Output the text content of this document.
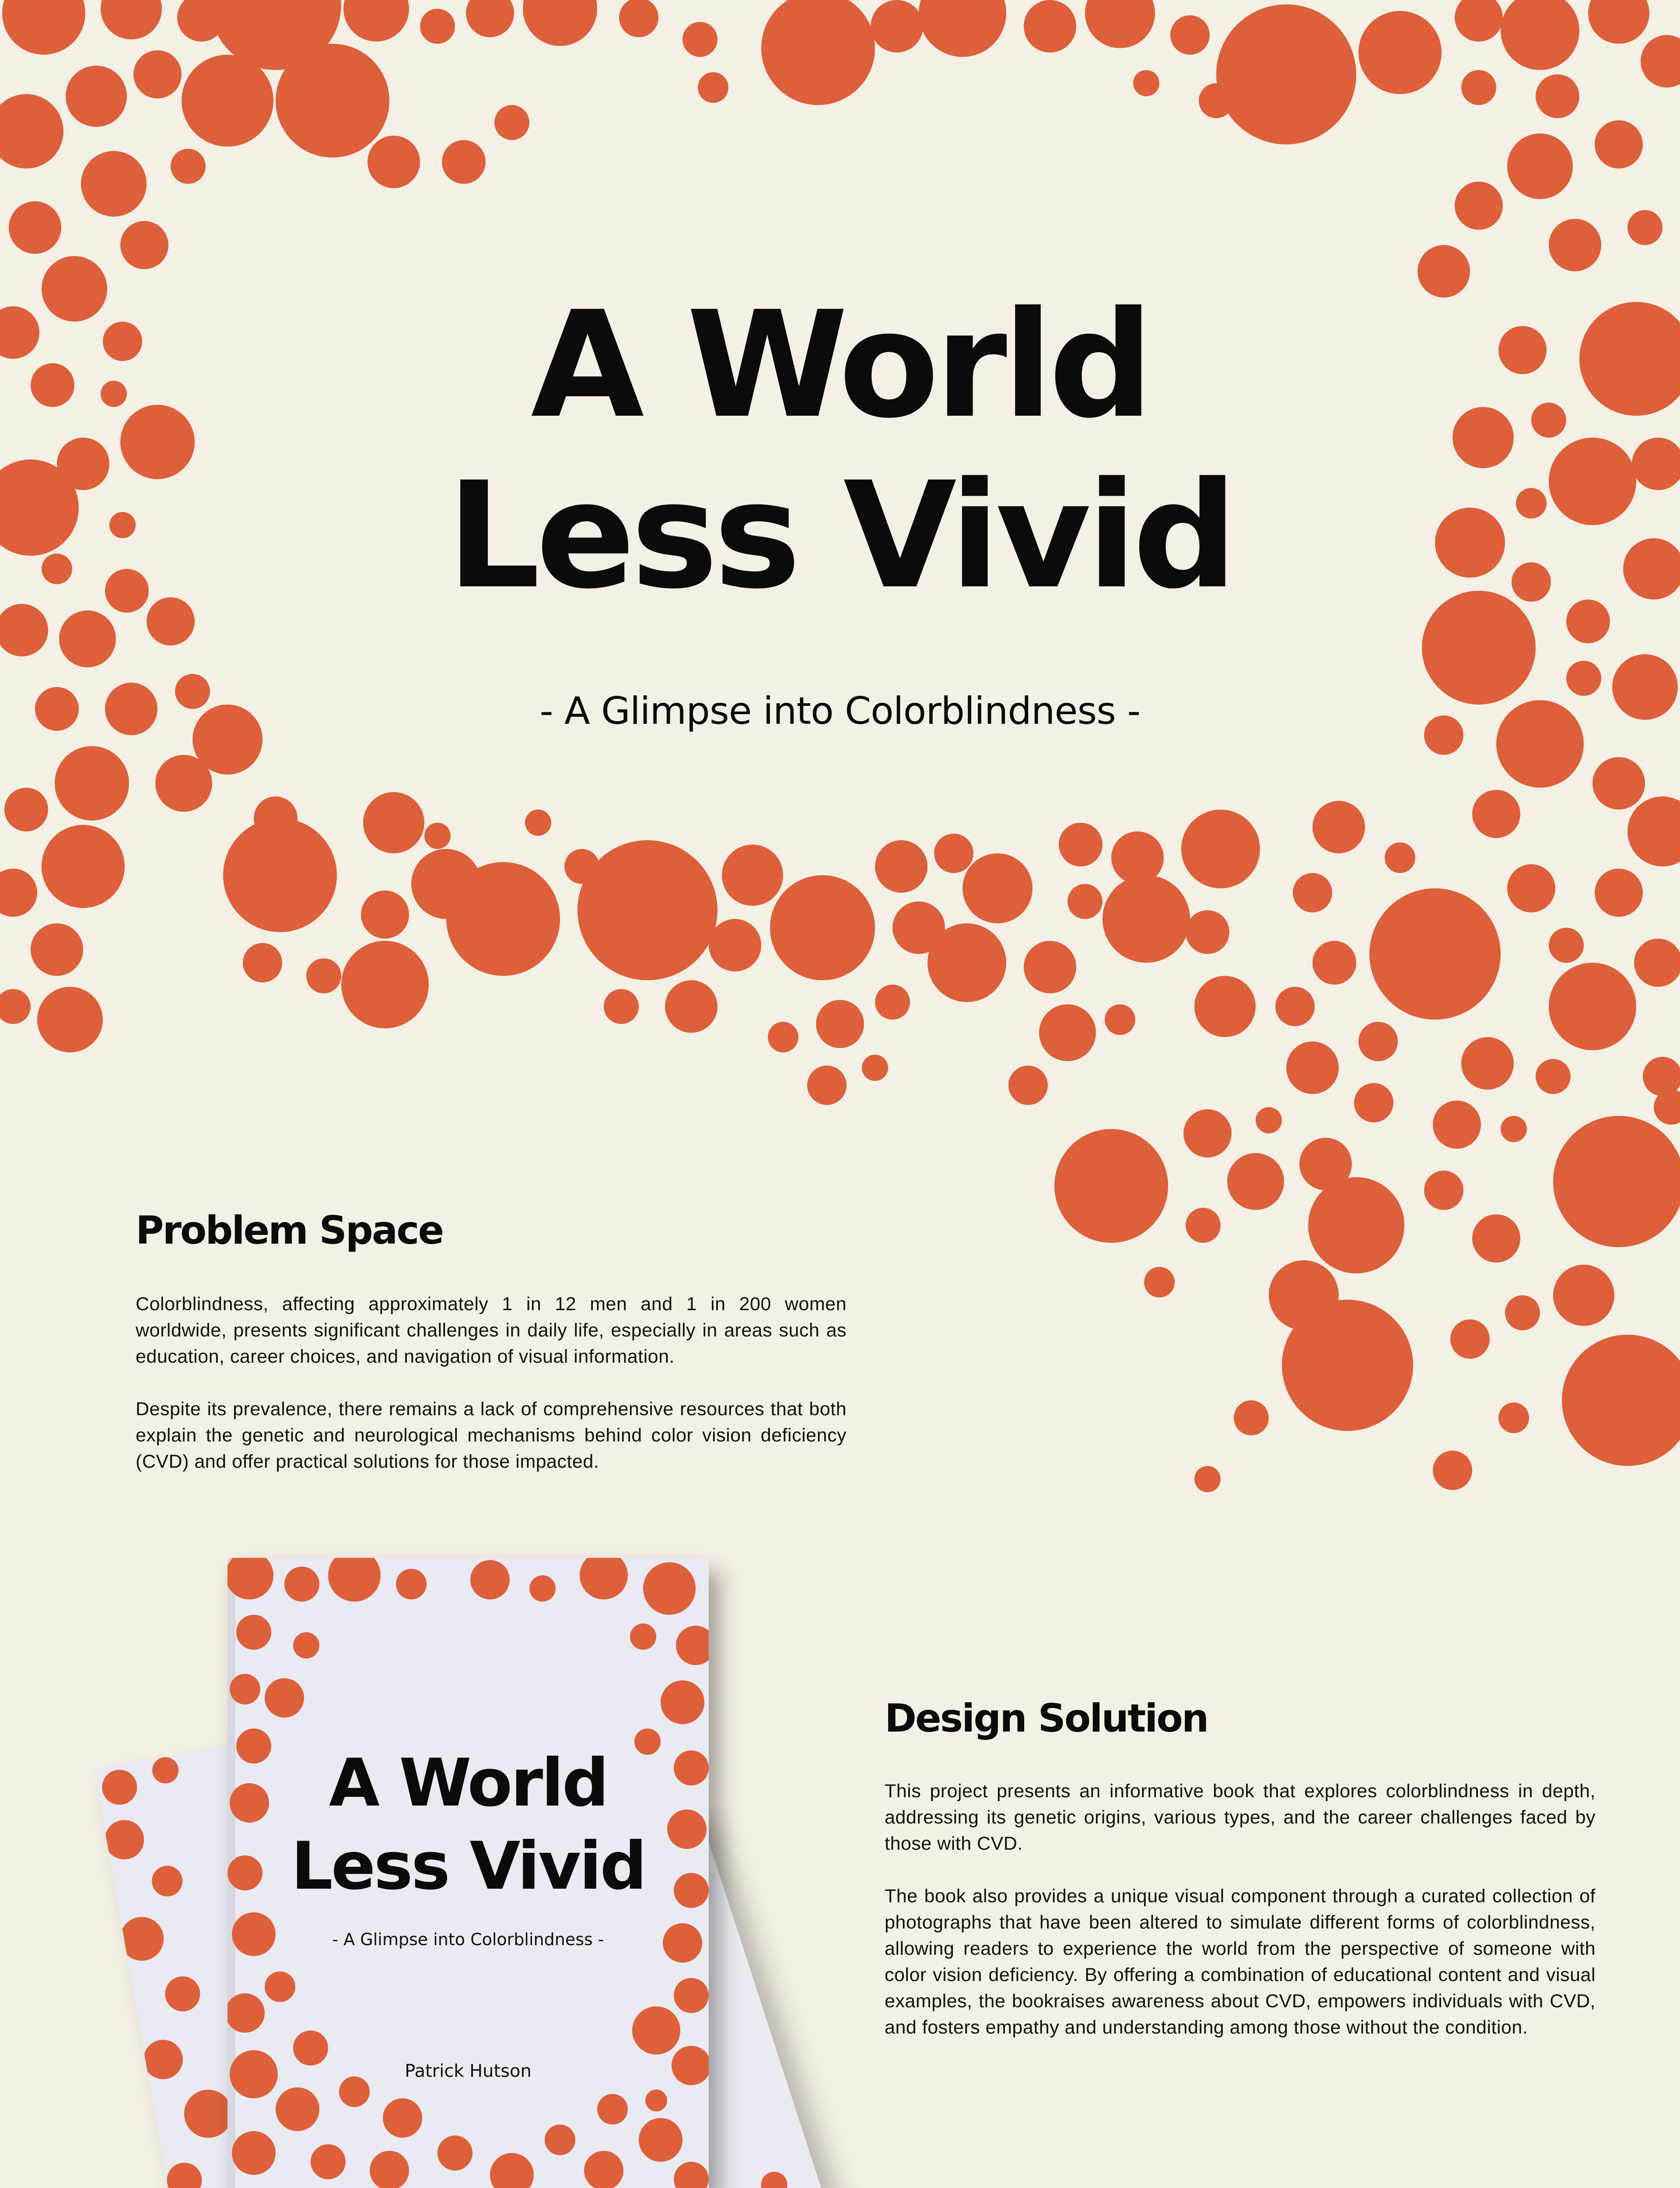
A World
Less Vivid
- A Glimpse into Colorblindness -
Problem Space

Colorblindness, affecting approximately 1 in 12 men and 1 in 200 women worldwide, presents significant challenges in daily life, especially in areas such as education, career choices, and navigation of visual information.

Despite its prevalence, there remains a lack of comprehensive resources that both explain the genetic and neurological mechanisms behind color vision deficiency (CVD) and offer practical solutions for those impacted.

A World
Less Vivid
- A Glimpse into Colorblindness -
Patrick Hutson
Design Solution

This project presents an informative book that explores colorblindness in depth, addressing its genetic origins, various types, and the career challenges faced by those with CVD.

The book also provides a unique visual component through a curated collection of photographs that have been altered to simulate different forms of colorblindness, allowing readers to experience the world from the perspective of someone with color vision deficiency. By offering a combination of educational content and visual examples, the bookraises awareness about CVD, empowers individuals with CVD, and fosters empathy and understanding among those without the condition.
